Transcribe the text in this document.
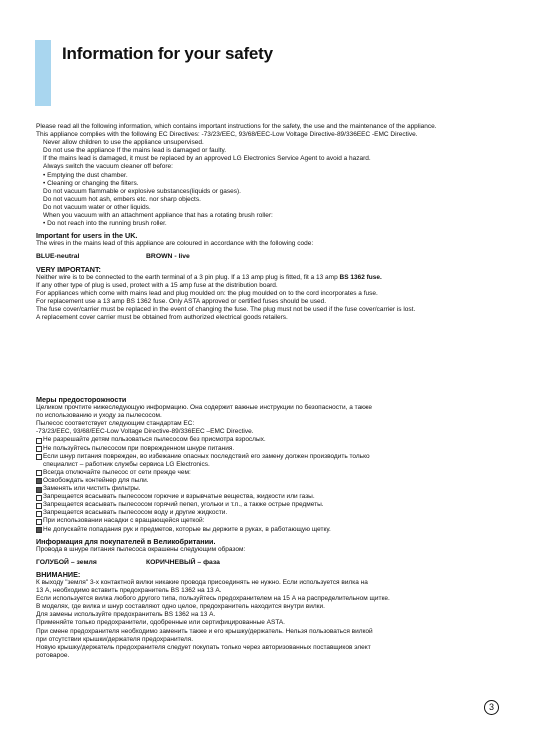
Information for your safety
Please read all the following information, which contains important instructions for the safety, the use and the maintenance of the appliance.
This appliance complies with the following EC Directives: -73/23/EEC, 93/68/EEC-Low Voltage Directive-89/336EEC -EMC Directive.
Never allow children to use the appliance unsupervised.
Do not use the appliance If the mains lead is damaged or faulty.
If the mains lead is damaged, it must be replaced by an approved LG Electronics Service Agent to avoid a hazard.
Always switch the vacuum cleaner off before:
• Emptying the dust chamber.
• Cleaning or changing the filters.
Do not vacuum flammable or explosive substances(liquids or gases).
Do not vacuum hot ash, embers etc. nor sharp objects.
Do not vacuum water or other liquids.
When you vacuum with an attachment appliance that has a rotating brush roller:
• Do not reach into the running brush roller.
Important for users in the UK.
The wires in the mains lead of this appliance are coloured in accordance with the following code:
BLUE-neutral	BROWN - live
VERY IMPORTANT:
Neither wire is to be connected to the earth terminal of a 3 pin plug. If a 13 amp plug is fitted, fit a 13 amp BS 1362 fuse.
If any other type of plug is used, protect with a 15 amp fuse at the distribution board.
For appliances which come with mains lead and plug moulded on: the plug moulded on to the cord incorporates a fuse.
For replacement use a 13 amp BS 1362 fuse. Only ASTA approved or certified fuses should be used.
The fuse cover/carrier must be replaced in the event of changing the fuse. The plug must not be used if the fuse cover/carrier is lost.
A replacement cover carrier must be obtained from authorized electrical goods retailers.
Меры предосторожности
Целиком прочтите нижеследующую информацию. Она содержит важные инструкции по безопасности, а также
по использованию и уходу за пылесосом.
Пылесос соответствует следующим стандартам ЕС:
-73/23/EEC, 93/68/EEC-Low Voltage Directive-89/336EEC –EMC Directive.
Не разрешайте детям пользоваться пылесосом без присмотра взрослых.
Не пользуйтесь пылесосом при поврежденном шнуре питания.
Если шнур питания поврежден, во избежание опасных последствий его замену должен производить только
специалист – работник службы сервиса LG Electronics.
Всегда отключайте пылесос от сети прежде чем:
Освобождать контейнер для пыли.
Заменять или чистить фильтры.
Запрещается всасывать пылесосом горючие и взрывчатые вещества, жидкости или газы.
Запрещается всасывать пылесосом горячий пепел, угольки и т.п., а также острые предметы.
Запрещается всасывать пылесосом воду и другие жидкости.
При использовании насадки с вращающейся щеткой:
Не допускайте попадания рук и предметов, которые вы держите в руках, в работающую щетку.
Информация для покупателей в Великобритании.
Провода в шнуре питания пылесоса окрашены следующим образом:
ГОЛУБОЙ – земля	КОРИЧНЕВЫЙ – фаза
ВНИМАНИЕ:
К выходу "земля" 3-х контактной вилки никакие провода присоединять не нужно. Если используется вилка на
13 А, необходимо вставить предохранитель BS 1362 на 13 А.
Если используется вилка любого другого типа, пользуйтесь предохранителем на 15 А на распределительном щитке.
В моделях, где вилка и шнур составляют одно целое, предохранитель находится внутри вилки.
Для замены используйте предохранитель BS 1362 на 13 А.
Применяйте только предохранители, одобренные или сертифицированные ASTA.
При смене предохранителя необходимо заменить также и его крышку/держатель. Нельзя пользоваться вилкой
при отсутствии крышки/держателя предохранителя.
Новую крышку/держатель предохранителя следует покупать только через авторизованных поставщиков элект
ротоварое.
3
